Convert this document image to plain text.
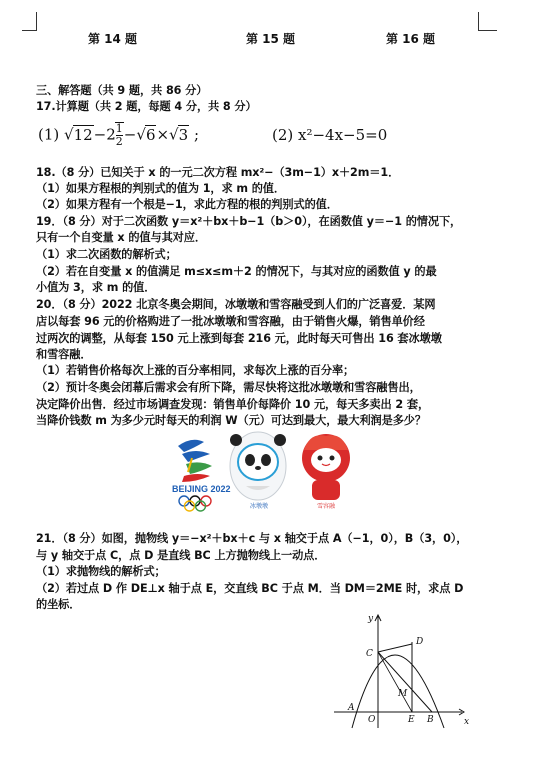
第 14 题	第 15 题	第 16 题
三、解答题（共 9 题，共 86 分）
17.计算题（共 2 题，每题 4 分，共 8 分）
(1) $√12-2 \frac{1}{2} -√6\times√3$ ;	(2) x²−4x−5=0
18.（8 分）已知关于 x 的一元二次方程 mx²−（3m−1）x＋2m＝1．
（1）如果方程根的判别式的值为 1，求 m 的值．
（2）如果方程有一个根是−1，求此方程的根的判别式的值．
19．（8 分）对于二次函数 y＝x²＋bx＋b−1（b＞0），在函数值 y＝−1 的情况下，
只有一个自变量 x 的值与其对应．
（1）求二次函数的解析式；
（2）若在自变量 x 的值满足 m≤x≤m＋2 的情况下，与其对应的函数值 y 的最
小值为 3，求 m 的值．
20．（8 分）2022 北京冬奥会期间，冰墩墩和雪容融受到人们的广泛喜爱．某网
店以每套 96 元的价格购进了一批冰墩墩和雪容融，由于销售火爆，销售单价经
过两次的调整，从每套 150 元上涨到每套 216 元，此时每天可售出 16 套冰墩墩
和雪容融．
（1）若销售价格每次上涨的百分率相同，求每次上涨的百分率；
（2）预计冬奥会闭幕后需求会有所下降，需尽快将这批冰墩墩和雪容融售出，
决定降价出售．经过市场调查发现：销售单价每降价 10 元，每天多卖出 2 套，
当降价钱数 m 为多少元时每天的利润 W（元）可达到最大，最大利润是多少？
BEIJING 2022
冰墩墩	雪容融
21．（8 分）如图，抛物线 y＝−x²＋bx＋c 与 x 轴交于点 A（−1，0），B（3，0），
与 y 轴交于点 C，点 D 是直线 BC 上方抛物线上一动点．
（1）求抛物线的解析式；
（2）若过点 D 作 DE⊥x 轴于点 E，交直线 BC 于点 M．当 DM＝2ME 时，求点 D
的坐标．
y
x
O
A
B
C
D
E
M
